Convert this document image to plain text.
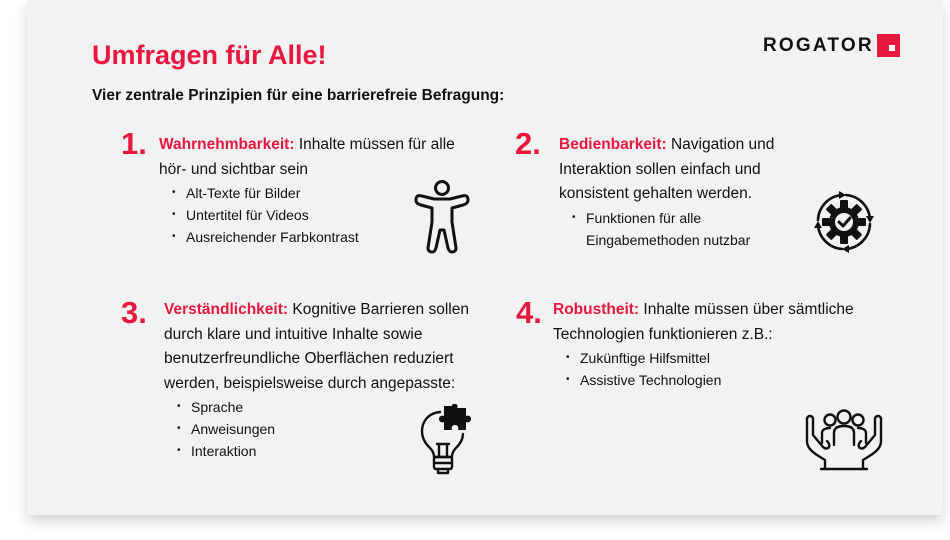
Umfragen für Alle!

Vier zentrale Prinzipien für eine barrierefreie Befragung:

ROGATOR
1. Wahrnehmbarkeit: Inhalte müssen für alle hör- und sichtbar sein
• Alt-Texte für Bilder
• Untertitel für Videos
• Ausreichender Farbkontrast
2. Bedienbarkeit: Navigation und Interaktion sollen einfach und konsistent gehalten werden.
• Funktionen für alle Eingabemethoden nutzbar
3. Verständlichkeit: Kognitive Barrieren sollen durch klare und intuitive Inhalte sowie benutzerfreundliche Oberflächen reduziert werden, beispielsweise durch angepasste:
• Sprache
• Anweisungen
• Interaktion
4. Robustheit: Inhalte müssen über sämtliche Technologien funktionieren z.B.:
• Zukünftige Hilfsmittel
• Assistive Technologien
